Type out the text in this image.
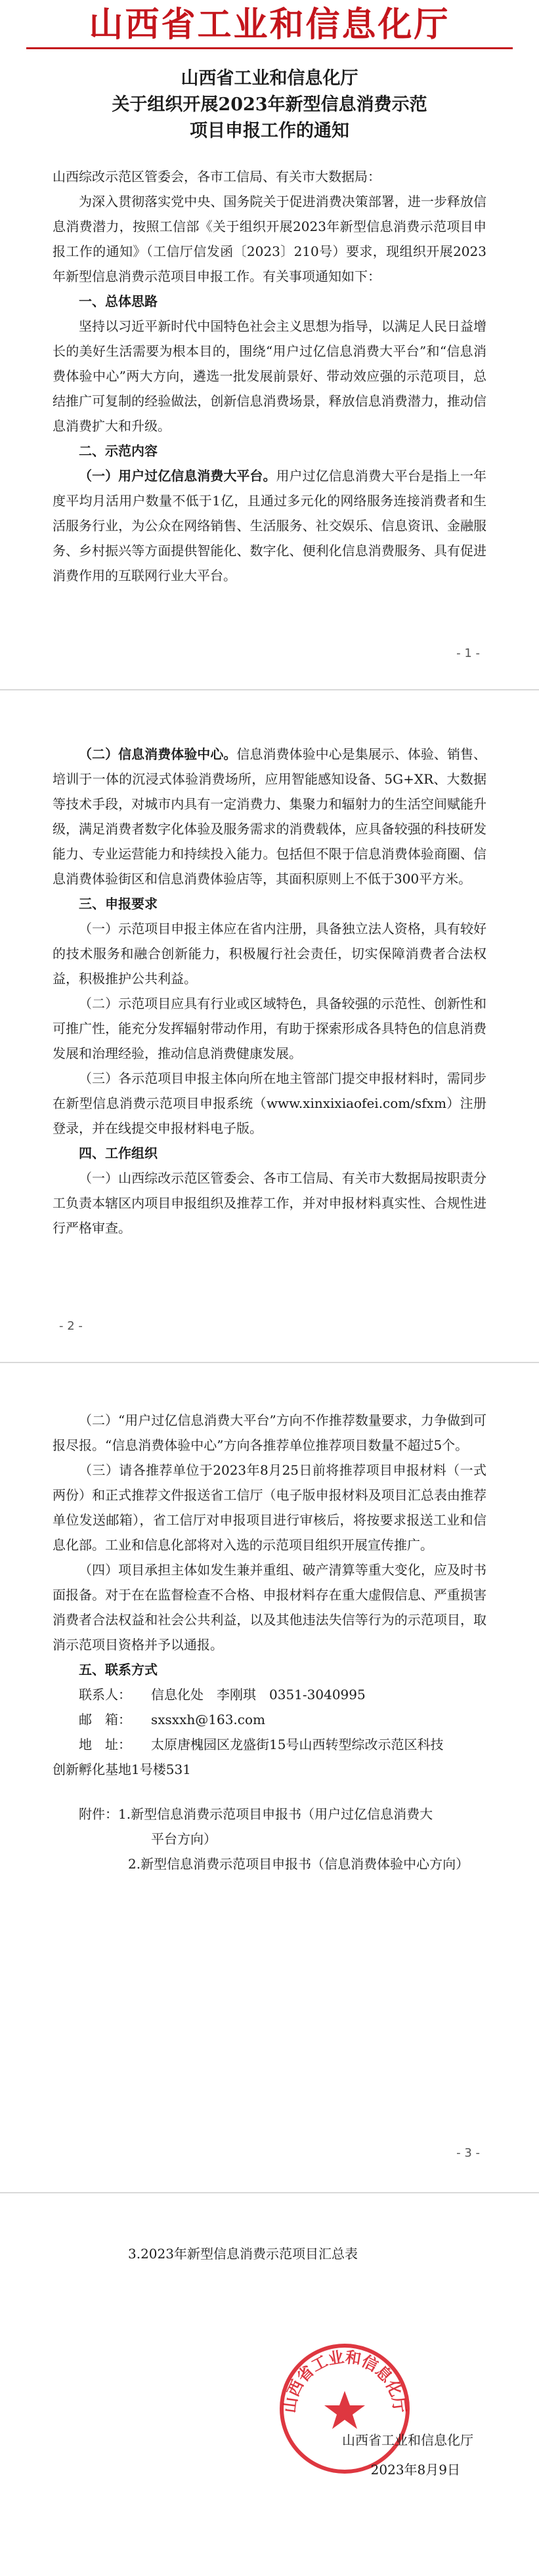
山西省工业和信息化厅

山西省工业和信息化厅

关于组织开展2023年新型信息消费示范

项目申报工作的通知

山西综改示范区管委会，各市工信局、有关市大数据局：

为深入贯彻落实党中央、国务院关于促进消费决策部署，进一步释放信息消费潜力，按照工信部《关于组织开展2023年新型信息消费示范项目申报工作的通知》（工信厅信发函〔2023〕210号）要求，现组织开展2023年新型信息消费示范项目申报工作。有关事项通知如下：

一、总体思路

坚持以习近平新时代中国特色社会主义思想为指导，以满足人民日益增长的美好生活需要为根本目的，围绕“用户过亿信息消费大平台”和“信息消费体验中心”两大方向，遴选一批发展前景好、带动效应强的示范项目，总结推广可复制的经验做法，创新信息消费场景，释放信息消费潜力，推动信息消费扩大和升级。

二、示范内容

（一）用户过亿信息消费大平台。用户过亿信息消费大平台是指上一年度平均月活用户数量不低于1亿，且通过多元化的网络服务连接消费者和生活服务行业，为公众在网络销售、生活服务、社交娱乐、信息资讯、金融服务、乡村振兴等方面提供智能化、数字化、便利化信息消费服务、具有促进消费作用的互联网行业大平台。

- 1 -

（二）信息消费体验中心。信息消费体验中心是集展示、体验、销售、培训于一体的沉浸式体验消费场所，应用智能感知设备、5G+XR、大数据等技术手段，对城市内具有一定消费力、集聚力和辐射力的生活空间赋能升级，满足消费者数字化体验及服务需求的消费载体，应具备较强的科技研发能力、专业运营能力和持续投入能力。包括但不限于信息消费体验商圈、信息消费体验街区和信息消费体验店等，其面积原则上不低于300平方米。

三、申报要求

（一）示范项目申报主体应在省内注册，具备独立法人资格，具有较好的技术服务和融合创新能力，积极履行社会责任，切实保障消费者合法权益，积极推护公共利益。

（二）示范项目应具有行业或区域特色，具备较强的示范性、创新性和可推广性，能充分发挥辐射带动作用，有助于探索形成各具特色的信息消费发展和治理经验，推动信息消费健康发展。

（三）各示范项目申报主体向所在地主管部门提交申报材料时，需同步在新型信息消费示范项目申报系统（www.xinxixiaofei.com/sfxm）注册登录，并在线提交申报材料电子版。

四、工作组织

（一）山西综改示范区管委会、各市工信局、有关市大数据局按职责分工负责本辖区内项目申报组织及推荐工作，并对申报材料真实性、合规性进行严格审查。

- 2 -

（二）“用户过亿信息消费大平台”方向不作推荐数量要求，力争做到可报尽报。“信息消费体验中心”方向各推荐单位推荐项目数量不超过5个。

（三）请各推荐单位于2023年8月25日前将推荐项目申报材料（一式两份）和正式推荐文件报送省工信厅（电子版申报材料及项目汇总表由推荐单位发送邮箱），省工信厅对申报项目进行审核后，将按要求报送工业和信息化部。工业和信息化部将对入选的示范项目组织开展宣传推广。

（四）项目承担主体如发生兼并重组、破产清算等重大变化，应及时书面报备。对于在在监督检查不合格、申报材料存在重大虚假信息、严重损害消费者合法权益和社会公共利益，以及其他违法失信等行为的示范项目，取消示范项目资格并予以通报。

五、联系方式

联系人： 信息化处　李刚琪　0351-3040995
邮　箱： sxsxxh@163.com
地　址： 太原唐槐园区龙盛街15号山西转型综改示范区科技
创新孵化基地1号楼531
附件：1.新型信息消费示范项目申报书（用户过亿信息消费大
平台方向）
2.新型信息消费示范项目申报书（信息消费体验中心方向）
- 3 -
3.2023年新型信息消费示范项目汇总表
山西省工业和信息化厅
山西省工业和信息化厅
2023年8月9日
